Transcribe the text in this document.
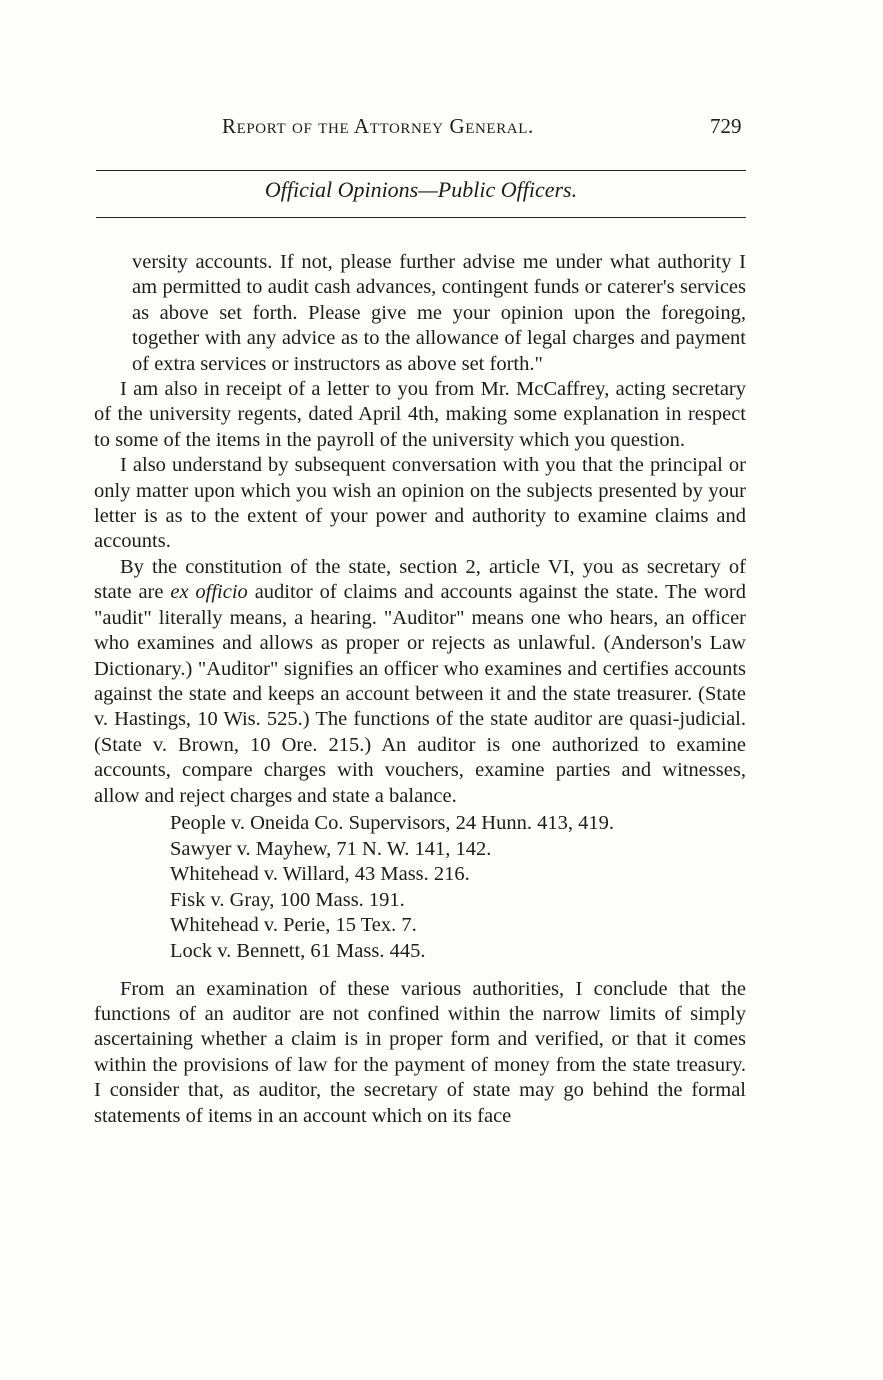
Report of the Attorney General.	729
Official Opinions—Public Officers.

versity accounts. If not, please further advise me under what authority I am permitted to audit cash advances, contingent funds or caterer's services as above set forth. Please give me your opinion upon the foregoing, together with any advice as to the allowance of legal charges and payment of extra services or instructors as above set forth."

I am also in receipt of a letter to you from Mr. McCaffrey, acting secretary of the university regents, dated April 4th, making some explanation in respect to some of the items in the payroll of the university which you question.

I also understand by subsequent conversation with you that the principal or only matter upon which you wish an opinion on the subjects presented by your letter is as to the extent of your power and authority to examine claims and accounts.

By the constitution of the state, section 2, article VI, you as secretary of state are ex officio auditor of claims and accounts against the state. The word "audit" literally means, a hearing. "Auditor" means one who hears, an officer who examines and allows as proper or rejects as unlawful. (Anderson's Law Dictionary.) "Auditor" signifies an officer who examines and certifies accounts against the state and keeps an account between it and the state treasurer. (State v. Hastings, 10 Wis. 525.) The functions of the state auditor are quasi-judicial. (State v. Brown, 10 Ore. 215.) An auditor is one authorized to examine accounts, compare charges with vouchers, examine parties and witnesses, allow and reject charges and state a balance.

People v. Oneida Co. Supervisors, 24 Hunn. 413, 419.
Sawyer v. Mayhew, 71 N. W. 141, 142.
Whitehead v. Willard, 43 Mass. 216.
Fisk v. Gray, 100 Mass. 191.
Whitehead v. Perie, 15 Tex. 7.
Lock v. Bennett, 61 Mass. 445.

From an examination of these various authorities, I conclude that the functions of an auditor are not confined within the narrow limits of simply ascertaining whether a claim is in proper form and verified, or that it comes within the provisions of law for the payment of money from the state treasury. I consider that, as auditor, the secretary of state may go behind the formal statements of items in an account which on its face
